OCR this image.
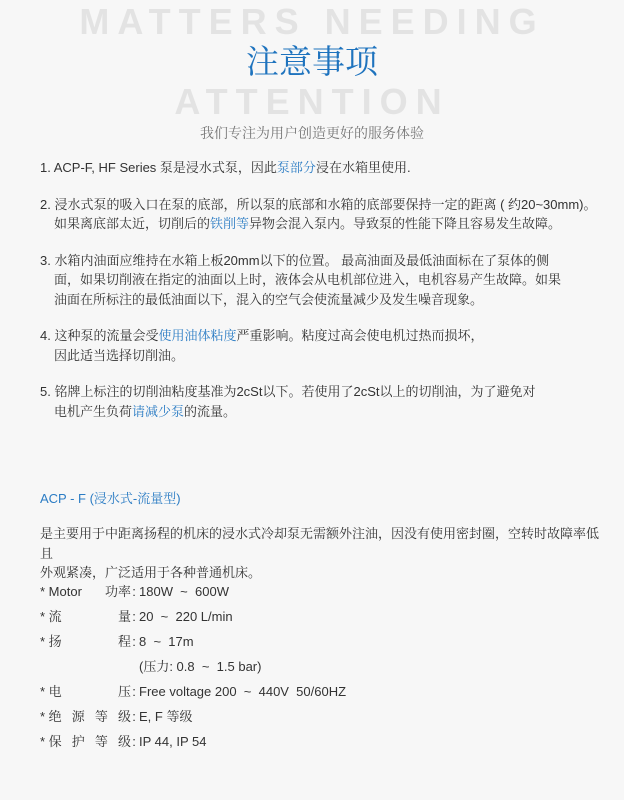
MATTERS NEEDING
注意事项
ATTENTION
我们专注为用户创造更好的服务体验
1. ACP-F, HF Series 泵是浸水式泵，因此泵部分浸在水箱里使用.
2. 浸水式泵的吸入口在泵的底部，所以泵的底部和水箱的底部要保持一定的距离 ( 约20~30mm)。
如果离底部太近，切削后的铁削等异物会混入泵内。导致泵的性能下降且容易发生故障。
3. 水箱内油面应维持在水箱上板20mm以下的位置。 最高油面及最低油面标在了泵体的侧
面，如果切削液在指定的油面以上时，液体会从电机部位进入，电机容易产生故障。如果
油面在所标注的最低油面以下，混入的空气会使流量减少及发生噪音现象。
4. 这种泵的流量会受使用油体粘度严重影响。粘度过高会使电机过热而损坏，
因此适当选择切削油。
5. 铭牌上标注的切削油粘度基准为2cSt以下。若使用了2cSt以上的切削油，为了避免对
电机产生负荷请减少泵的流量。
ACP - F (浸水式-流量型)
是主要用于中距离扬程的机床的浸水式冷却泵无需额外注油，因没有使用密封圈，空转时故障率低且
外观紧凑，广泛适用于各种普通机床。
* Motor 功率 : 180W  ~  600W
* 流	量 : 20  ~  220 L/min
* 扬	程 : 8  ~  17m
(压力: 0.8  ~  1.5 bar)
* 电	压 : Free voltage 200  ~  440V  50/60HZ
* 绝 源 等 级 : E, F 等级
* 保 护 等 级 : IP 44, IP 54
